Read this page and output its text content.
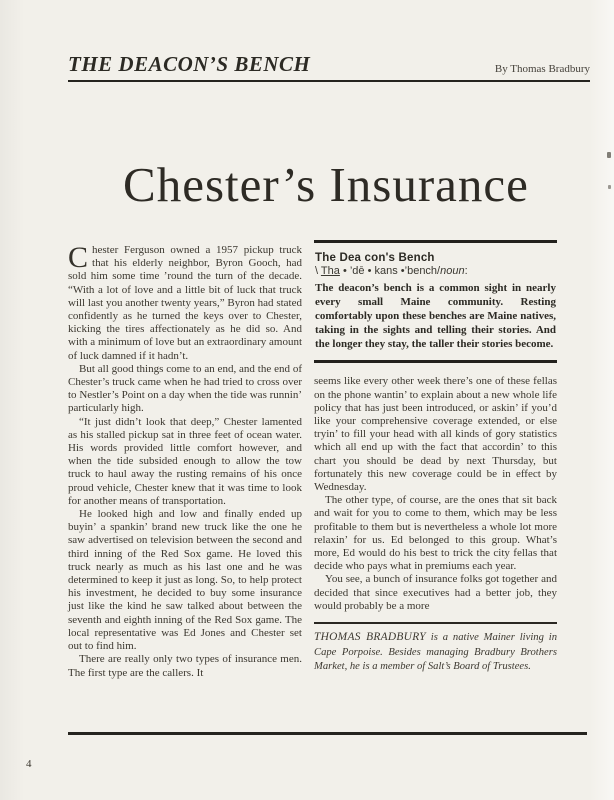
THE DEACON’S BENCH	By Thomas Bradbury
Chester’s Insurance

Chester Ferguson owned a 1957 pickup truck that his elderly neighbor, Byron Gooch, had sold him some time ’round the turn of the decade. “With a lot of love and a little bit of luck that truck will last you another twenty years,” Byron had stated confidently as he turned the keys over to Chester, kicking the tires affectionately as he did so. And with a minimum of love but an extraordinary amount of luck damned if it hadn’t.

But all good things come to an end, and the end of Chester’s truck came when he had tried to cross over to Nestler’s Point on a day when the tide was runnin’ particularly high.

“It just didn’t look that deep,” Chester lamented as his stalled pickup sat in three feet of ocean water. His words provided little comfort however, and when the tide subsided enough to allow the tow truck to haul away the rusting remains of his once proud vehicle, Chester knew that it was time to look for another means of transportation.

He looked high and low and finally ended up buyin’ a spankin’ brand new truck like the one he saw advertised on television between the second and third inning of the Red Sox game. He loved this truck nearly as much as his last one and he was determined to keep it just as long. So, to help protect his investment, he decided to buy some insurance just like the kind he saw talked about between the seventh and eighth inning of the Red Sox game. The local representative was Ed Jones and Chester set out to find him.

There are really only two types of insurance men. The first type are the callers. It

The Dea con's Bench

\ Tha • ’dē • kans •’bench/noun:

The deacon’s bench is a common sight in nearly every small Maine community. Resting comfortably upon these benches are Maine natives, taking in the sights and telling their stories. And the longer they stay, the taller their stories become.

seems like every other week there’s one of these fellas on the phone wantin’ to explain about a new whole life policy that has just been introduced, or askin’ if you’d like your comprehensive coverage extended, or else tryin’ to fill your head with all kinds of gory statistics which all end up with the fact that accordin’ to this chart you should be dead by next Thursday, but fortunately this new coverage could be in effect by Wednesday.

The other type, of course, are the ones that sit back and wait for you to come to them, which may be less profitable to them but is nevertheless a whole lot more relaxin’ for us. Ed belonged to this group. What’s more, Ed would do his best to trick the city fellas that decide who pays what in premiums each year.

You see, a bunch of insurance folks got together and decided that since executives had a better job, they would probably be a more

THOMAS BRADBURY is a native Mainer living in Cape Porpoise. Besides managing Bradbury Brothers Market, he is a member of Salt’s Board of Trustees.
4
